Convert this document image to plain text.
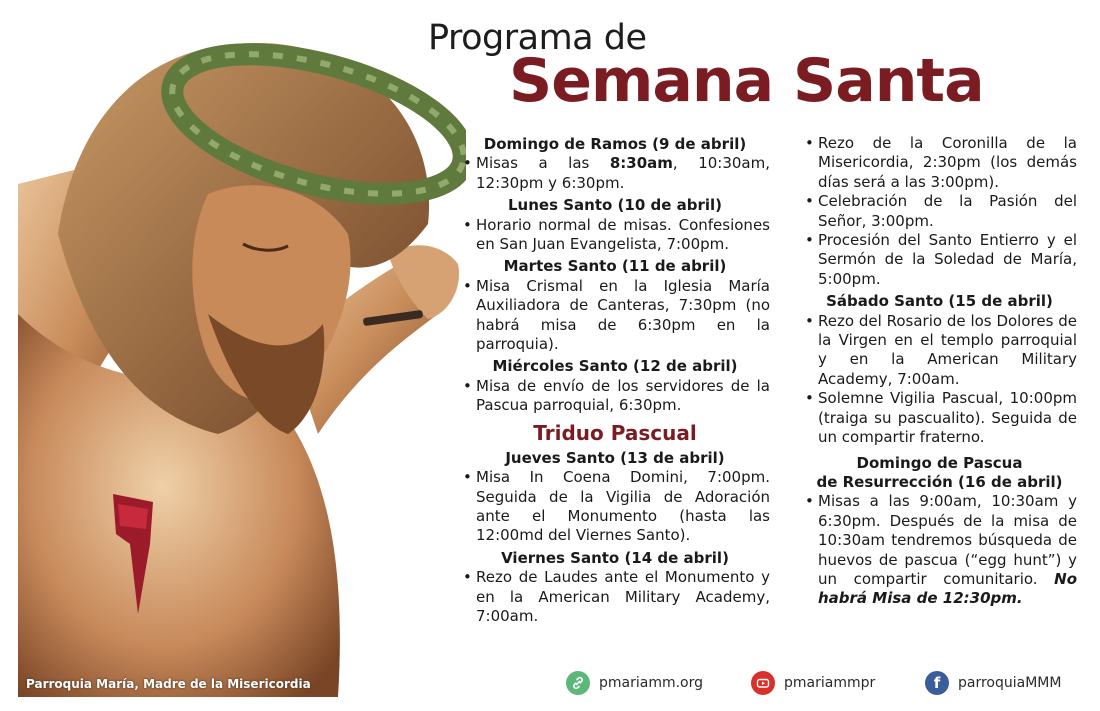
Parroquia María, Madre de la Misericordia
Programa de
Semana Santa
Domingo de Ramos (9 de abril)
• Misas a las 8:30am, 10:30am, 12:30pm y 6:30pm.
Lunes Santo (10 de abril)
• Horario normal de misas. Confesiones en San Juan Evangelista, 7:00pm.
Martes Santo (11 de abril)
• Misa Crismal en la Iglesia María Auxiliadora de Canteras, 7:30pm (no habrá misa de 6:30pm en la parroquia).
Miércoles Santo (12 de abril)
• Misa de envío de los servidores de la Pascua parroquial, 6:30pm.
Triduo Pascual
Jueves Santo (13 de abril)
• Misa In Coena Domini, 7:00pm. Seguida de la Vigilia de Adoración ante el Monumento (hasta las 12:00md del Viernes Santo).
Viernes Santo (14 de abril)
• Rezo de Laudes ante el Monumento y en la American Military Academy, 7:00am.
• Rezo de la Coronilla de la Misericordia, 2:30pm (los demás días será a las 3:00pm).
• Celebración de la Pasión del Señor, 3:00pm.
• Procesión del Santo Entierro y el Sermón de la Soledad de María, 5:00pm.
Sábado Santo (15 de abril)
• Rezo del Rosario de los Dolores de la Virgen en el templo parroquial y en la American Military Academy, 7:00am.
• Solemne Vigilia Pascual, 10:00pm (traiga su pascualito). Seguida de un compartir fraterno.
Domingo de Pascua
de Resurrección (16 de abril)
• Misas a las 9:00am, 10:30am y 6:30pm. Después de la misa de 10:30am tendremos búsqueda de huevos de pascua (“egg hunt”) y un compartir comunitario. No habrá Misa de 12:30pm.
pmariamm.org	pmariammpr	f parroquiaMMM
